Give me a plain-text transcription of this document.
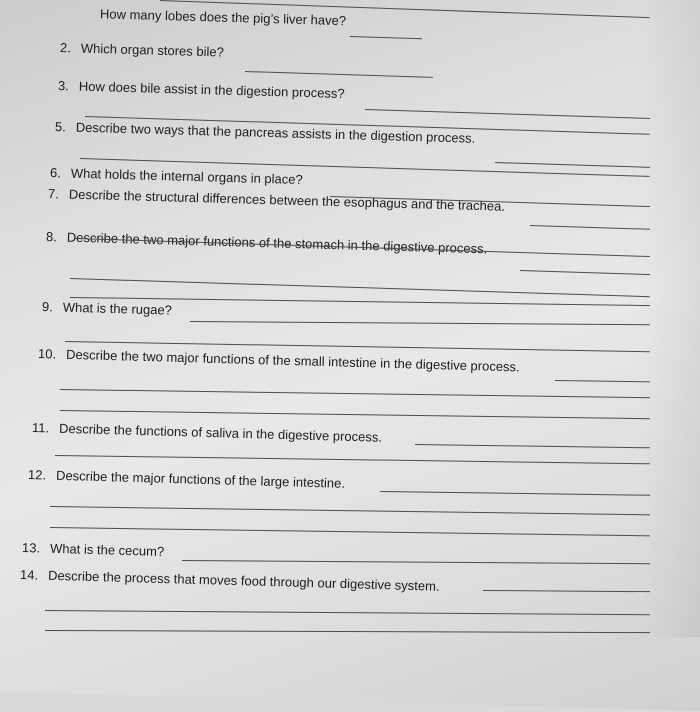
How many lobes does the pig’s liver have?
2. Which organ stores bile?
3. How does bile assist in the digestion process?
5. Describe two ways that the pancreas assists in the digestion process.
6. What holds the internal organs in place?
7. Describe the structural differences between the esophagus and the trachea.
8. Describe the two major functions of the stomach in the digestive process.
9. What is the rugae?
10. Describe the two major functions of the small intestine in the digestive process.
11. Describe the functions of saliva in the digestive process.
12. Describe the major functions of the large intestine.
13. What is the cecum?
14. Describe the process that moves food through our digestive system.
